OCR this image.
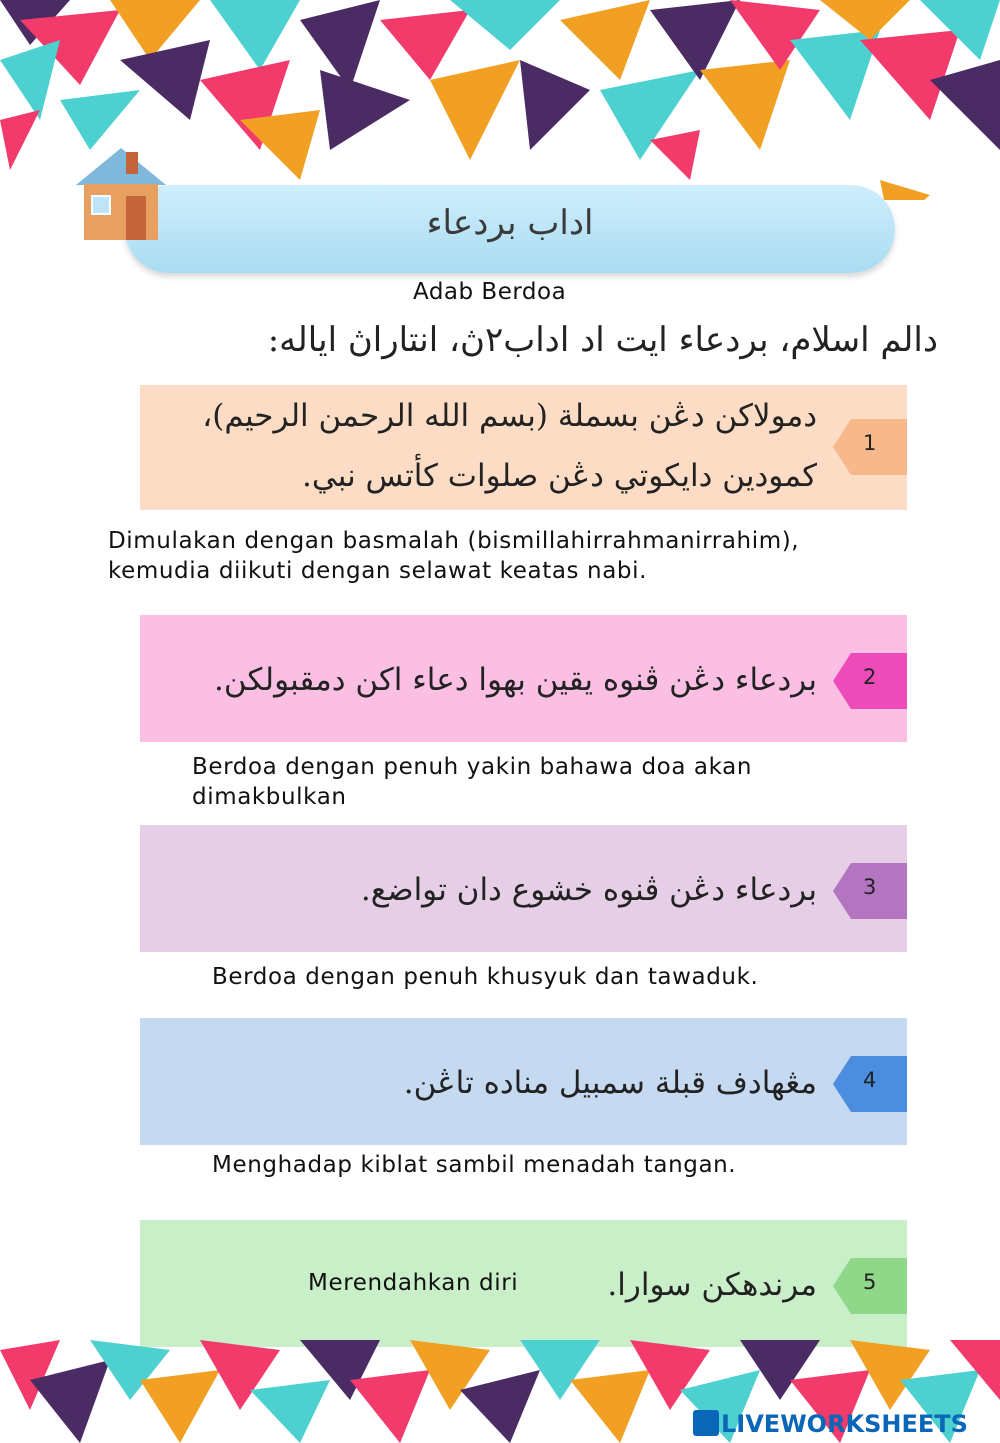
اداب بردعاء
Adab Berdoa
دالم اسلام، بردعاء ايت اد اداب٢ڽ، انتاراڽ اياله:
دمولاكن دڠن بسملة (بسم الله الرحمن الرحيم)،
كمودين دايكوتي دڠن صلوات كأتس نبي.
1
Dimulakan dengan basmalah (bismillahirrahmanirrahim),
kemudia diikuti dengan selawat keatas nabi.
بردعاء دڠن ڤنوه يقين بهوا دعاء اكن دمقبولكن. 2
Berdoa dengan penuh yakin bahawa doa akan
dimakbulkan
بردعاء دڠن ڤنوه خشوع دان تواضع. 3
Berdoa dengan penuh khusyuk dan tawaduk.
مڠهادف قبلة سمبيل مناده تاڠن. 4
Menghadap kiblat sambil menadah tangan.
مرندهكن سوارا.
Merendahkan diri	5
LIVEWORKSHEETS
